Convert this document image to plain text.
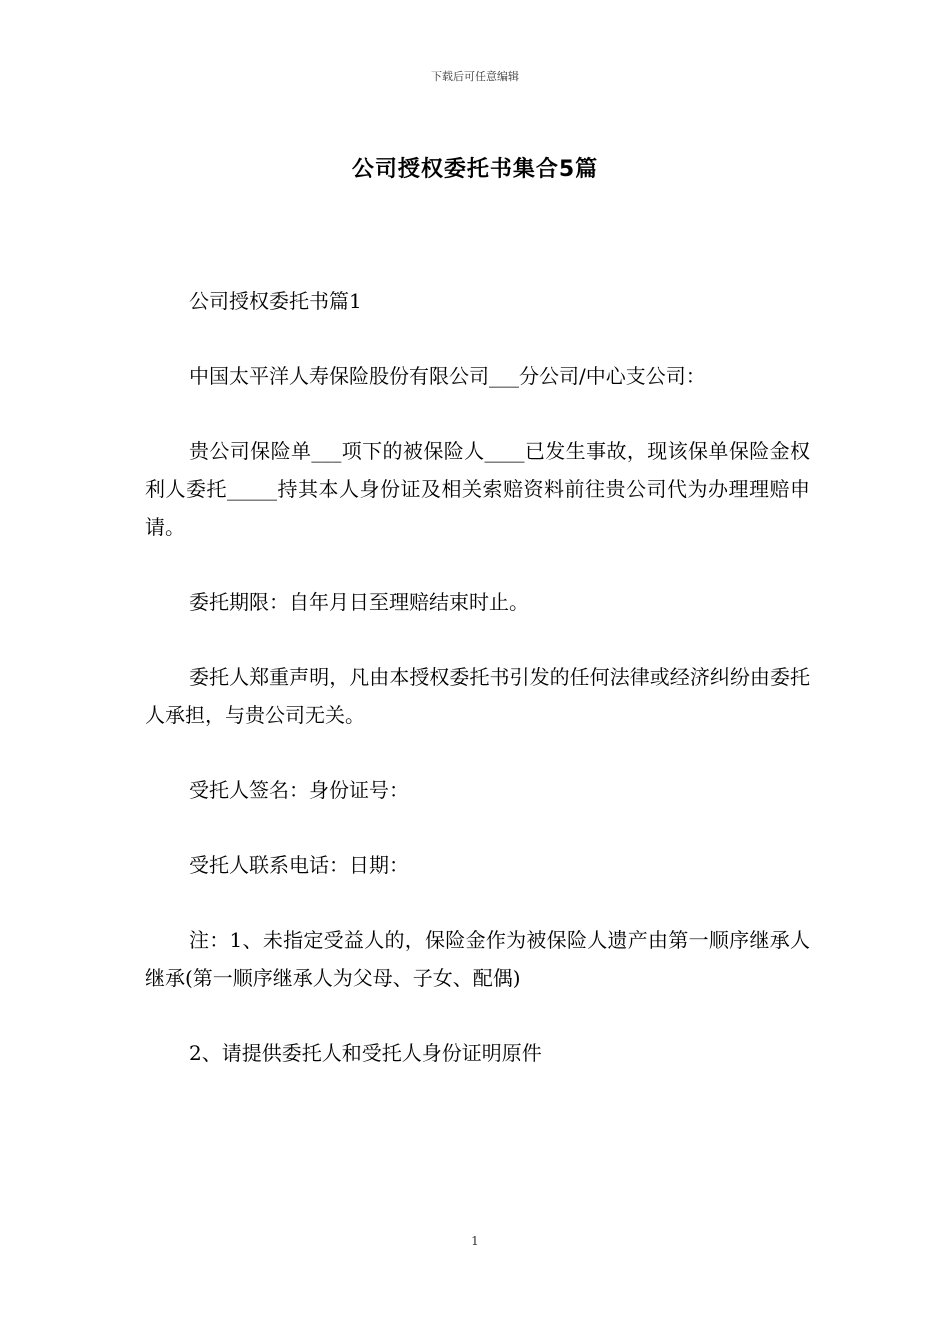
下载后可任意编辑
公司授权委托书集合5篇

公司授权委托书篇1

中国太平洋人寿保险股份有限公司___分公司/中心支公司：

贵公司保险单___项下的被保险人____已发生事故，现该保单保险金权利人委托_____持其本人身份证及相关索赔资料前往贵公司代为办理理赔申请。

委托期限：自年月日至理赔结束时止。

委托人郑重声明，凡由本授权委托书引发的任何法律或经济纠纷由委托人承担，与贵公司无关。

受托人签名：身份证号：

受托人联系电话：日期：

注：1、未指定受益人的，保险金作为被保险人遗产由第一顺序继承人继承(第一顺序继承人为父母、子女、配偶)

2、请提供委托人和受托人身份证明原件

1
